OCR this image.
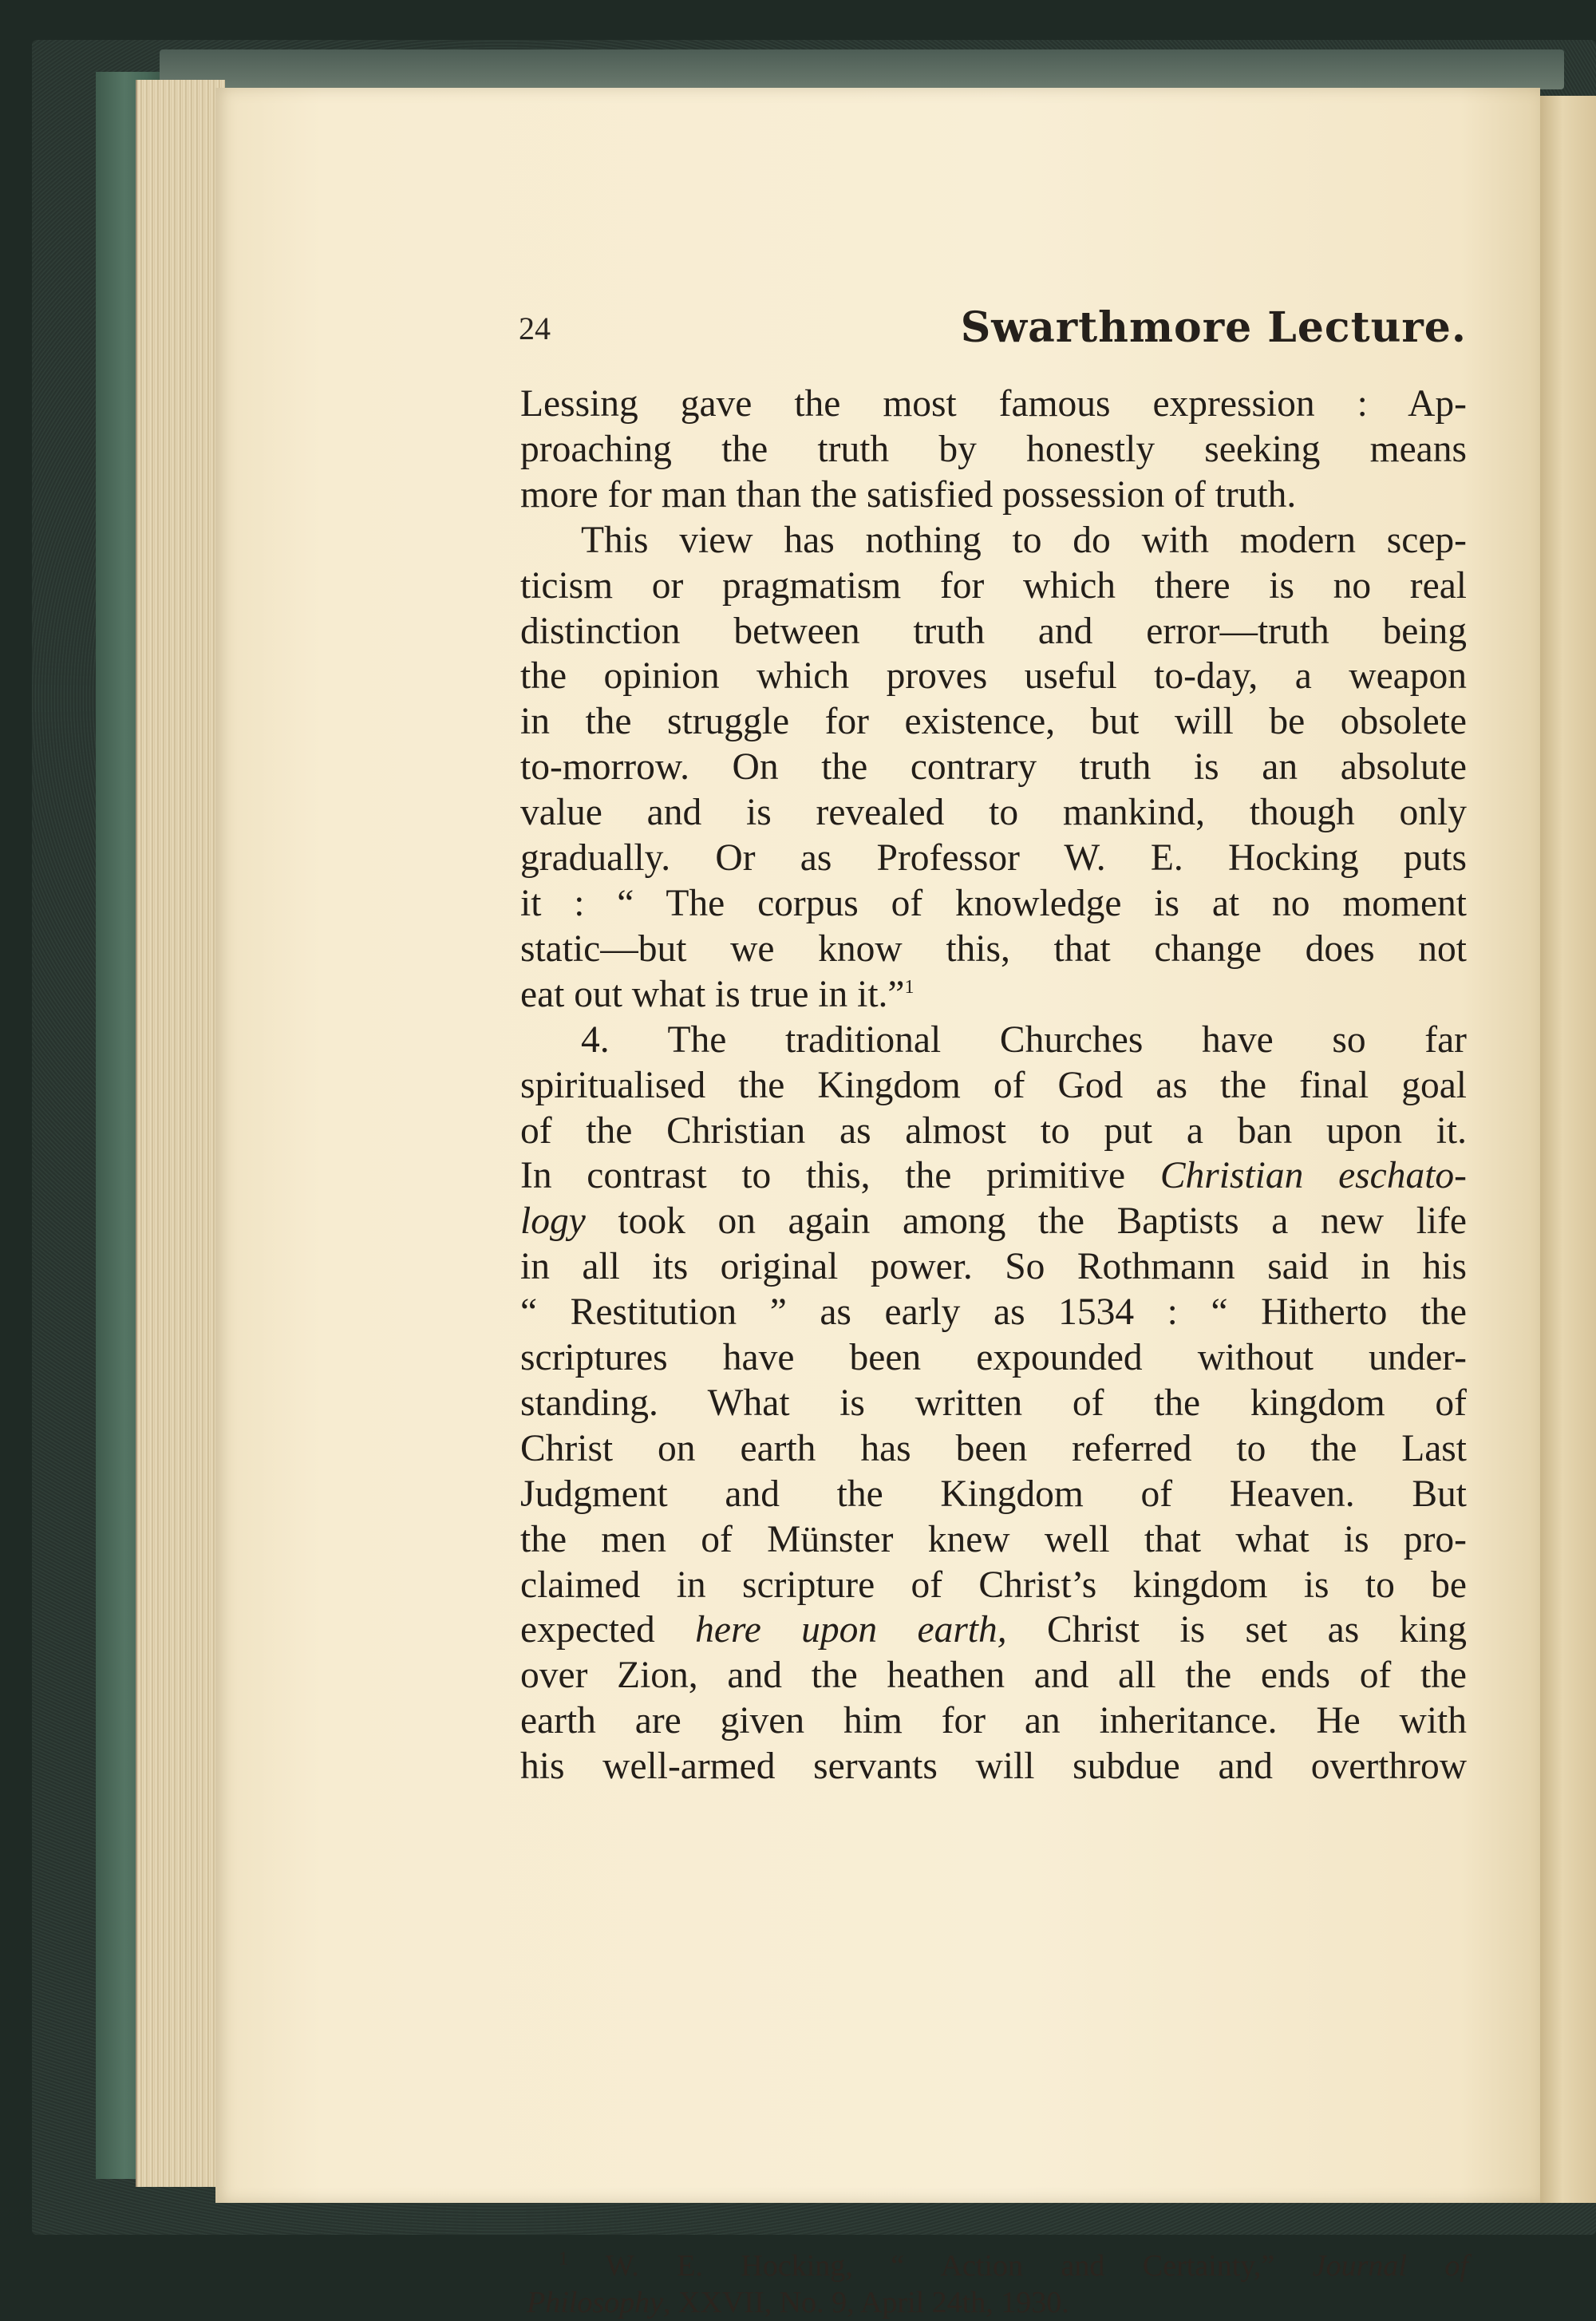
24	Swarthmore Lecture.

Lessing gave the most famous expression : Ap-
proaching the truth by honestly seeking means
more for man than the satisfied possession of truth.

This view has nothing to do with modern scep-
ticism or pragmatism for which there is no real
distinction between truth and error—truth being
the opinion which proves useful to-day, a weapon
in the struggle for existence, but will be obsolete
to-morrow. On the contrary truth is an absolute
value and is revealed to mankind, though only
gradually. Or as Professor W. E. Hocking puts
it : “ The corpus of knowledge is at no moment
static—but we know this, that change does not
eat out what is true in it.”$^1$

4. The traditional Churches have so far
spiritualised the Kingdom of God as the final goal
of the Christian as almost to put a ban upon it.
In contrast to this, the primitive Christian eschato-
logy took on again among the Baptists a new life
in all its original power. So Rothmann said in his
“ Restitution ” as early as 1534 : “ Hitherto the
scriptures have been expounded without under-
standing. What is written of the kingdom of
Christ on earth has been referred to the Last
Judgment and the Kingdom of Heaven. But
the men of Münster knew well that what is pro-
claimed in scripture of Christ’s kingdom is to be
expected here upon earth, Christ is set as king
over Zion, and the heathen and all the ends of the
earth are given him for an inheritance. He with
his well-armed servants will subdue and overthrow

$^1$ W. E. Hocking, “ Action and Certainty,” Journal of
Philosophy, XXVII, No. 9, April 24th, 1930.
